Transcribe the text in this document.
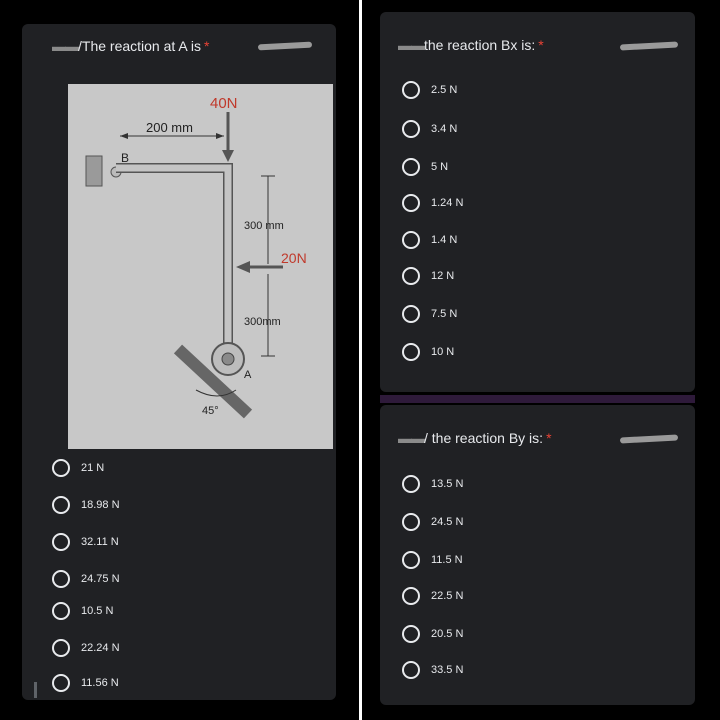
▬▬/The reaction at A is *
40N
200 mm
B
300 mm
20N
300mm
A
45°
21 N
18.98 N
32.11 N
24.75 N
10.5 N
22.24 N
11.56 N
▬▬the reaction Bx is: *
2.5 N
3.4 N
5 N
1.24 N
1.4 N
12 N
7.5 N
10 N
▬▬/ the reaction By is: *
13.5 N
24.5 N
11.5 N
22.5 N
20.5 N
33.5 N
